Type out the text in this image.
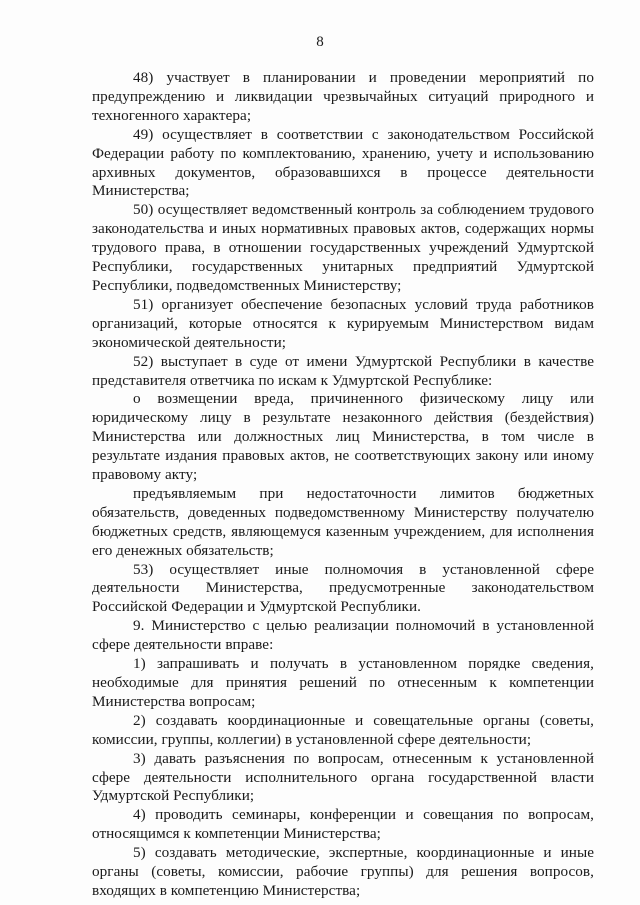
8

48) участвует в планировании и проведении мероприятий по предупреждению и ликвидации чрезвычайных ситуаций природного и техногенного характера;

49) осуществляет в соответствии с законодательством Российской Федерации работу по комплектованию, хранению, учету и использованию архивных документов, образовавшихся в процессе деятельности Министерства;

50) осуществляет ведомственный контроль за соблюдением трудового законодательства и иных нормативных правовых актов, содержащих нормы трудового права, в отношении государственных учреждений Удмуртской Республики, государственных унитарных предприятий Удмуртской Республики, подведомственных Министерству;

51) организует обеспечение безопасных условий труда работников организаций, которые относятся к курируемым Министерством видам экономической деятельности;

52) выступает в суде от имени Удмуртской Республики в качестве представителя ответчика по искам к Удмуртской Республике:

о возмещении вреда, причиненного физическому лицу или юридическому лицу в результате незаконного действия (бездействия) Министерства или должностных лиц Министерства, в том числе в результате издания правовых актов, не соответствующих закону или иному правовому акту;

предъявляемым при недостаточности лимитов бюджетных обязательств, доведенных подведомственному Министерству получателю бюджетных средств, являющемуся казенным учреждением, для исполнения его денежных обязательств;

53) осуществляет иные полномочия в установленной сфере деятельности Министерства, предусмотренные законодательством Российской Федерации и Удмуртской Республики.

9. Министерство с целью реализации полномочий в установленной сфере деятельности вправе:

1) запрашивать и получать в установленном порядке сведения, необходимые для принятия решений по отнесенным к компетенции Министерства вопросам;

2) создавать координационные и совещательные органы (советы, комиссии, группы, коллегии) в установленной сфере деятельности;

3) давать разъяснения по вопросам, отнесенным к установленной сфере деятельности исполнительного органа государственной власти Удмуртской Республики;

4) проводить семинары, конференции и совещания по вопросам, относящимся к компетенции Министерства;

5) создавать методические, экспертные, координационные и иные органы (советы, комиссии, рабочие группы) для решения вопросов, входящих в компетенцию Министерства;
